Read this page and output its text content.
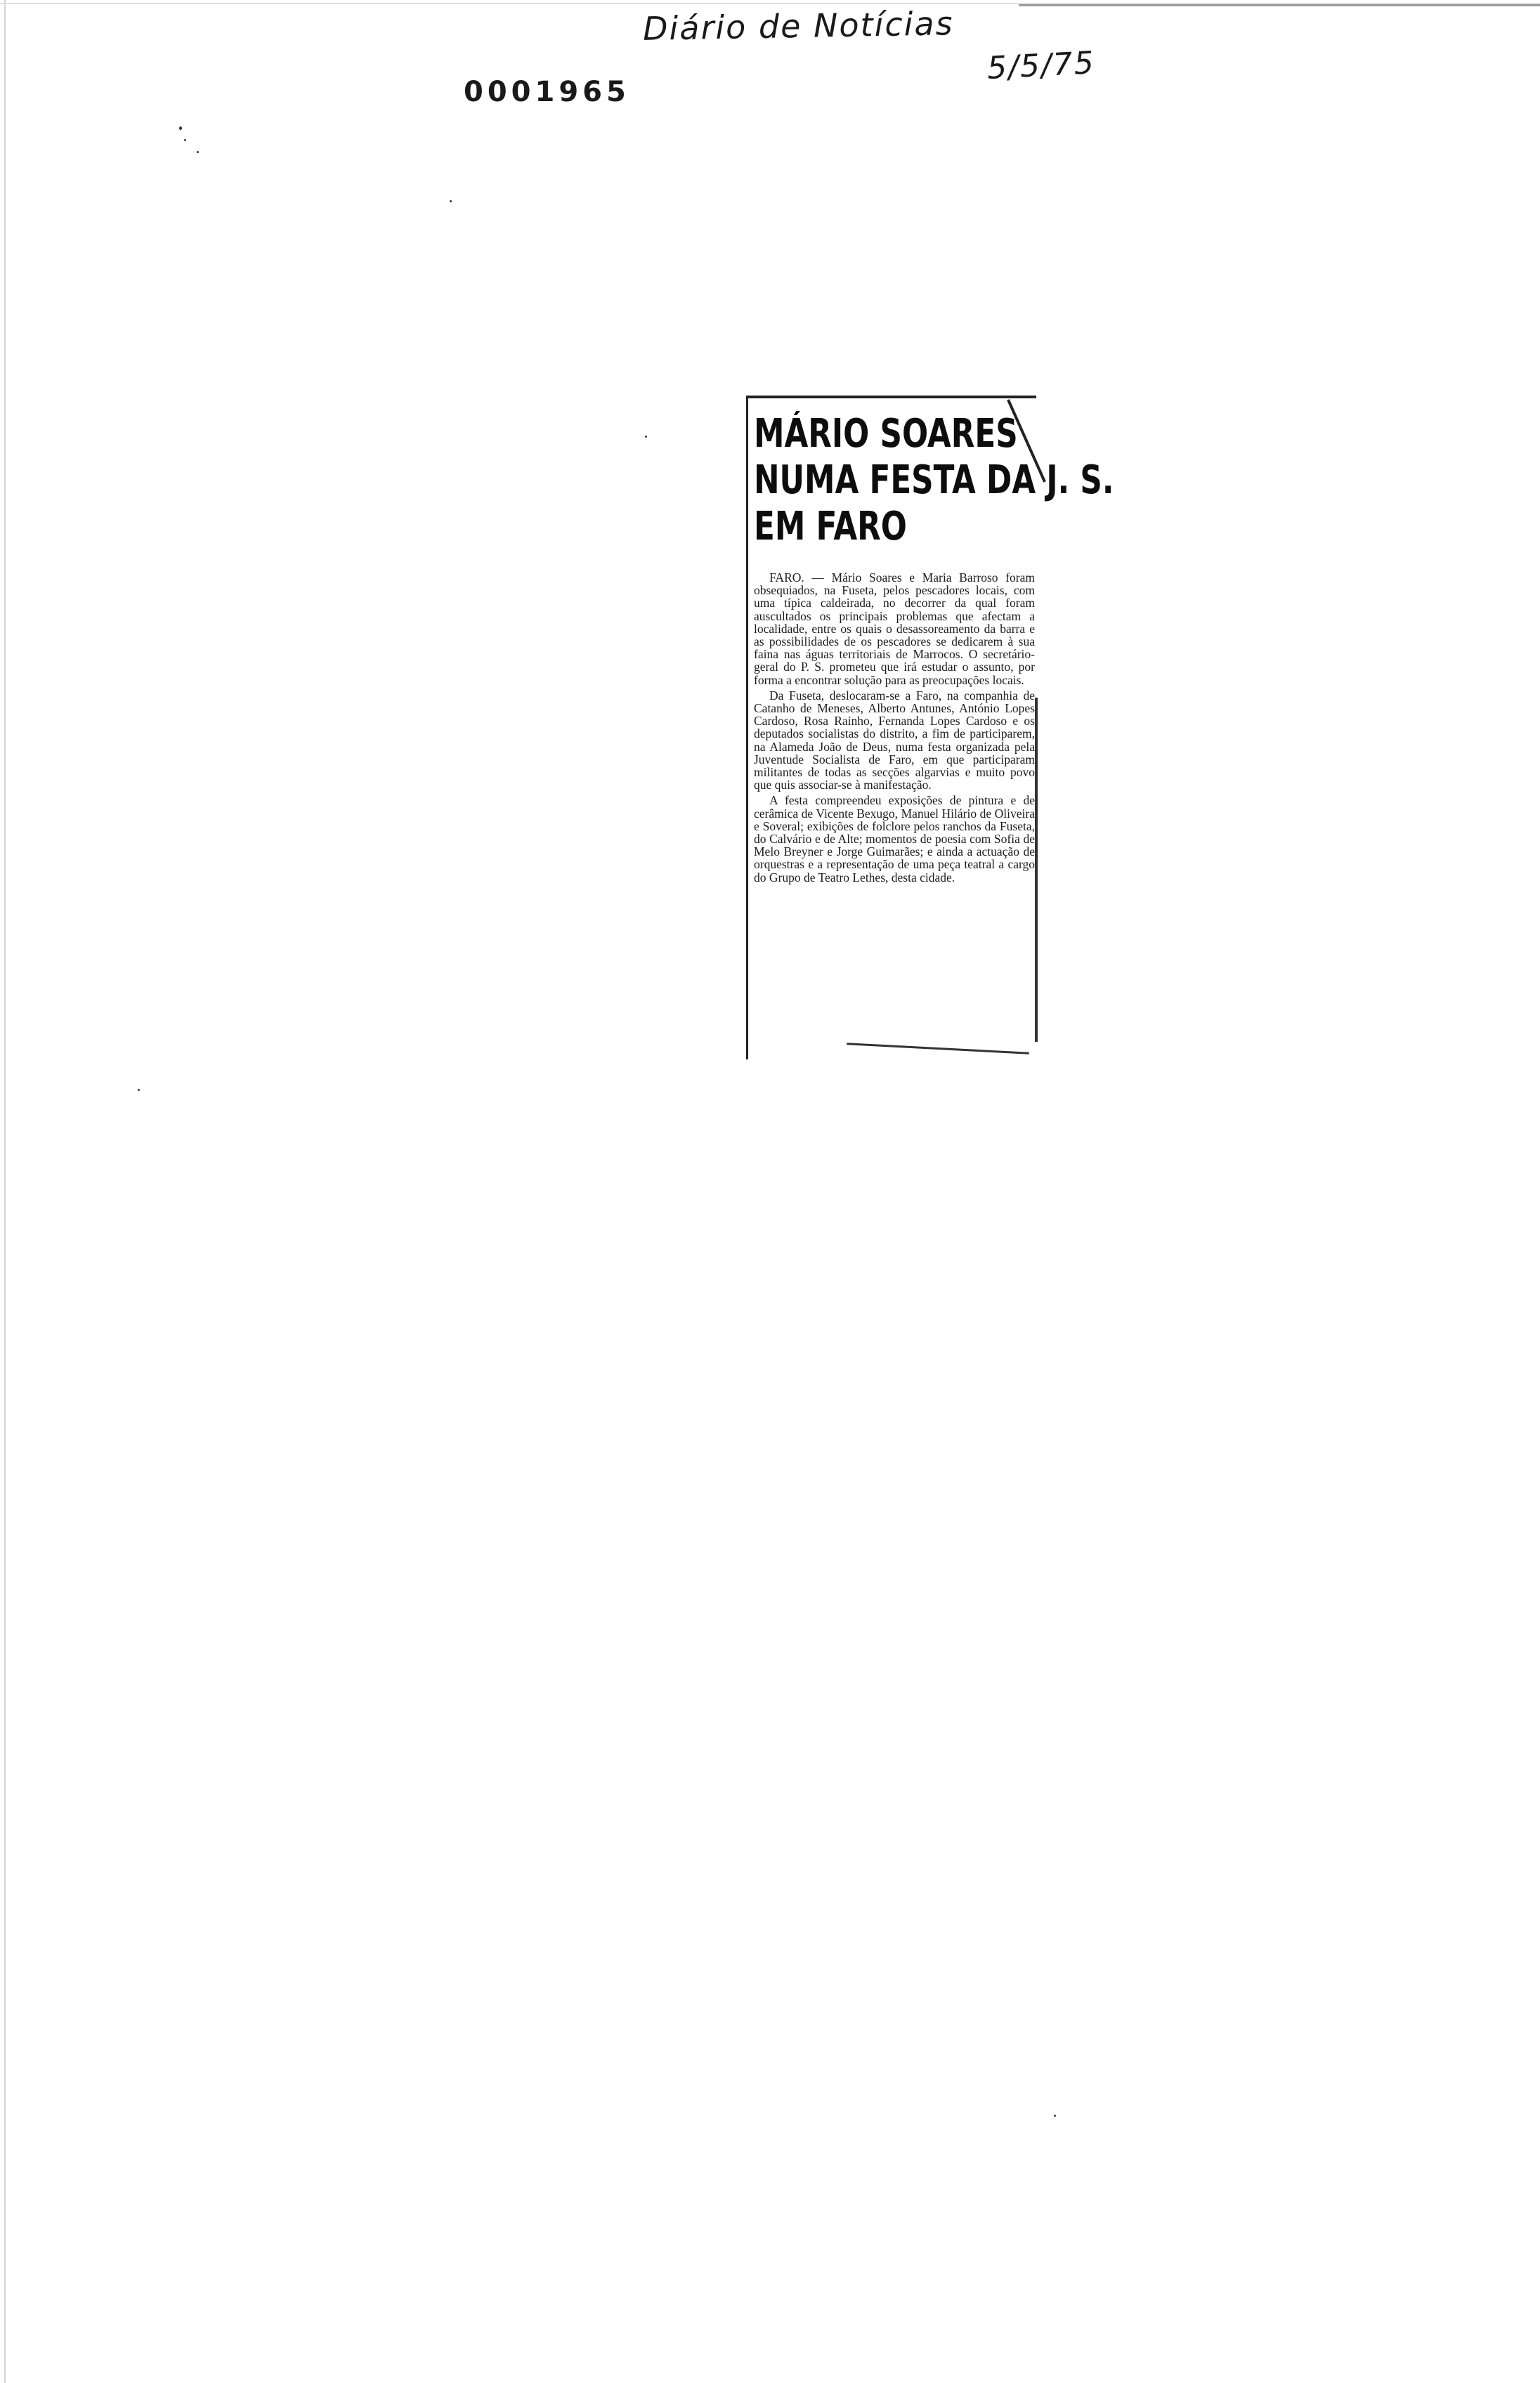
Diário de Notícias
5/5/75
0001965
MÁRIO SOARES
NUMA FESTA DA J. S.
EM FARO

FARO. — Mário Soares e Maria Barroso foram obsequiados, na Fuseta, pelos pescadores locais, com uma típica caldeirada, no decorrer da qual foram auscultados os principais problemas que afectam a localidade, entre os quais o desassoreamento da barra e as possibilidades de os pescadores se dedicarem à sua faina nas águas territoriais de Marrocos. O secretário-geral do P. S. prometeu que irá estudar o assunto, por forma a encontrar solução para as preocupações locais.

Da Fuseta, deslocaram-se a Faro, na companhia de Catanho de Meneses, Alberto Antunes, António Lopes Cardoso, Rosa Rainho, Fernanda Lopes Cardoso e os deputados socialistas do distrito, a fim de participarem, na Alameda João de Deus, numa festa organizada pela Juventude Socialista de Faro, em que participaram militantes de todas as secções algarvias e muito povo que quis associar-se à manifestação.

A festa compreendeu exposições de pintura e de cerâmica de Vicente Bexugo, Manuel Hilário de Oliveira e Soveral; exibições de folclore pelos ranchos da Fuseta, do Calvário e de Alte; momentos de poesia com Sofia de Melo Breyner e Jorge Guimarães; e ainda a actuação de orquestras e a representação de uma peça teatral a cargo do Grupo de Teatro Lethes, desta cidade.
